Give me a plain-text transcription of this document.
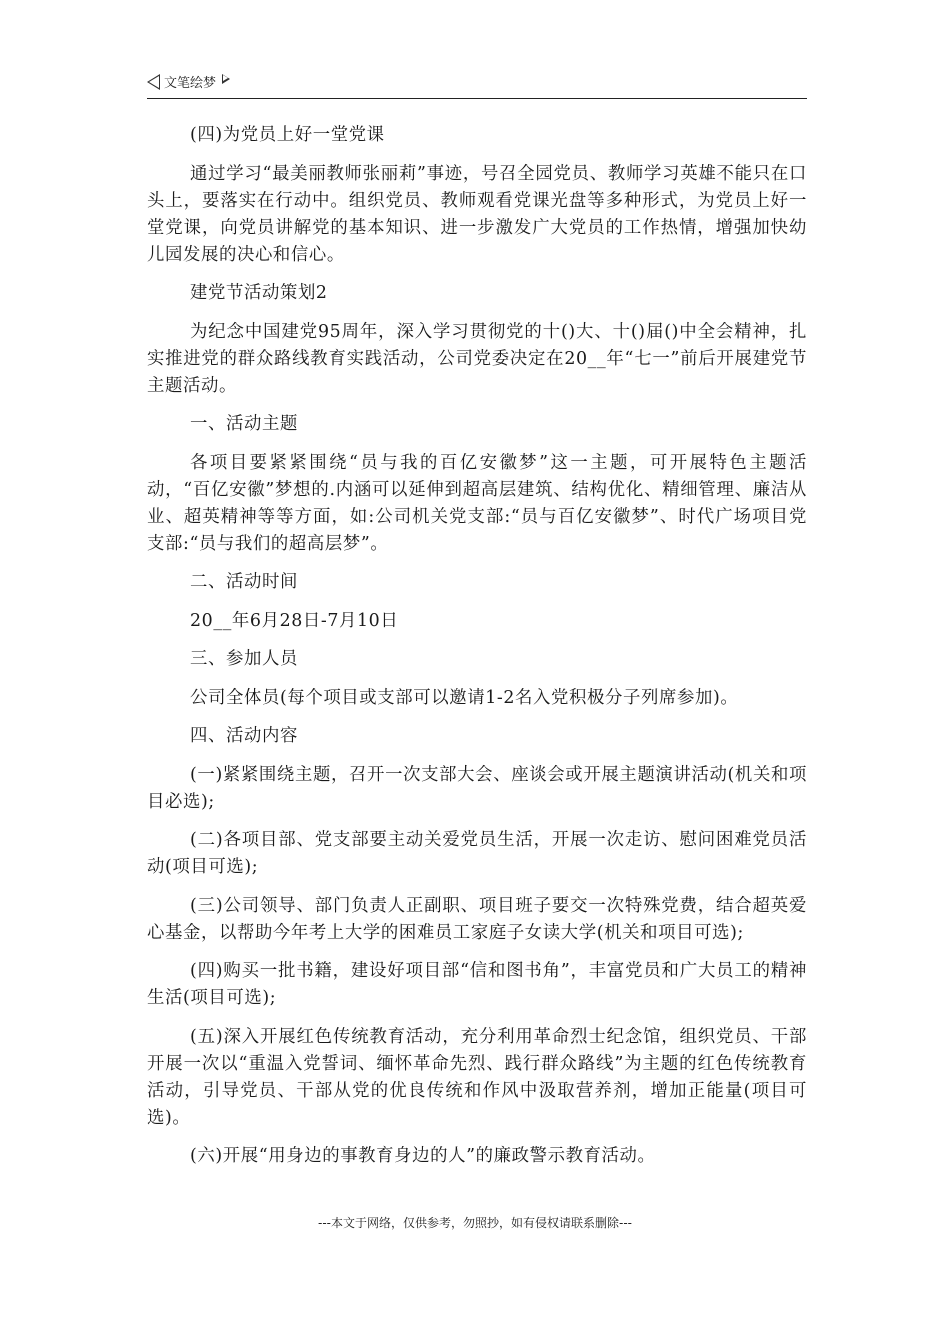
文笔绘梦

(四)为党员上好一堂党课

通过学习“最美丽教师张丽莉”事迹，号召全园党员、教师学习英雄不能只在口头上，要落实在行动中。组织党员、教师观看党课光盘等多种形式，为党员上好一堂党课，向党员讲解党的基本知识、进一步激发广大党员的工作热情，增强加快幼儿园发展的决心和信心。

建党节活动策划2

为纪念中国建党95周年，深入学习贯彻党的十()大、十()届()中全会精神，扎实推进党的群众路线教育实践活动，公司党委决定在20__年“七一”前后开展建党节主题活动。

一、活动主题

各项目要紧紧围绕“员与我的百亿安徽梦”这一主题，可开展特色主题活动，“百亿安徽”梦想的.内涵可以延伸到超高层建筑、结构优化、精细管理、廉洁从业、超英精神等等方面，如:公司机关党支部:“员与百亿安徽梦”、时代广场项目党支部:“员与我们的超高层梦”。

二、活动时间

20__年6月28日-7月10日

三、参加人员

公司全体员(每个项目或支部可以邀请1-2名入党积极分子列席参加)。

四、活动内容

(一)紧紧围绕主题，召开一次支部大会、座谈会或开展主题演讲活动(机关和项目必选);

(二)各项目部、党支部要主动关爱党员生活，开展一次走访、慰问困难党员活动(项目可选);

(三)公司领导、部门负责人正副职、项目班子要交一次特殊党费，结合超英爱心基金，以帮助今年考上大学的困难员工家庭子女读大学(机关和项目可选);

(四)购买一批书籍，建设好项目部“信和图书角”，丰富党员和广大员工的精神生活(项目可选);

(五)深入开展红色传统教育活动，充分利用革命烈士纪念馆，组织党员、干部开展一次以“重温入党誓词、缅怀革命先烈、践行群众路线”为主题的红色传统教育活动，引导党员、干部从党的优良传统和作风中汲取营养剂，增加正能量(项目可选)。

(六)开展“用身边的事教育身边的人”的廉政警示教育活动。

---本文于网络，仅供参考，勿照抄，如有侵权请联系删除---
